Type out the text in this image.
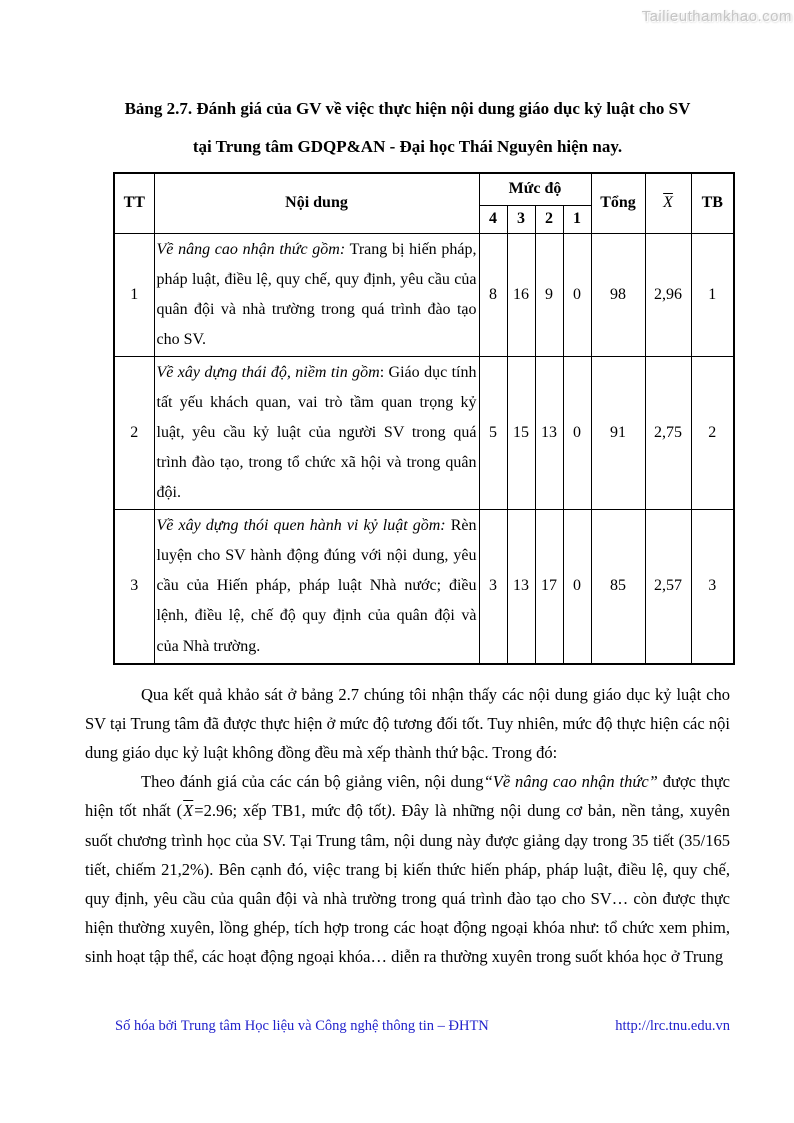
Tailieuthamkhao.com
Bảng 2.7. Đánh giá của GV về việc thực hiện nội dung giáo dục kỷ luật cho SV
tại Trung tâm GDQP&AN - Đại học Thái Nguyên hiện nay.
TT	Nội dung	Mức độ				Tổng	$\overline{X}$	TB
		4	3	2	1			
1	Về nâng cao nhận thức gồm: Trang bị hiến pháp, pháp luật, điều lệ, quy chế, quy định, yêu cầu của quân đội và nhà trường trong quá trình đào tạo cho SV.	8	16	9	0	98	2,96	1
2	Về xây dựng thái độ, niềm tin gồm: Giáo dục tính tất yếu khách quan, vai trò tầm quan trọng kỷ luật, yêu cầu kỷ luật của người SV trong quá trình đào tạo, trong tổ chức xã hội và trong quân đội.	5	15	13	0	91	2,75	2
3	Về xây dựng thói quen hành vi kỷ luật gồm: Rèn luyện cho SV hành động đúng với nội dung, yêu cầu của Hiến pháp, pháp luật Nhà nước; điều lệnh, điều lệ, chế độ quy định của quân đội và của Nhà trường.	3	13	17	0	85	2,57	3

Qua kết quả khảo sát ở bảng 2.7 chúng tôi nhận thấy các nội dung giáo dục kỷ luật cho SV tại Trung tâm đã được thực hiện ở mức độ tương đối tốt. Tuy nhiên, mức độ thực hiện các nội dung giáo dục kỷ luật không đồng đều mà xếp thành thứ bậc. Trong đó:

Theo đánh giá của các cán bộ giảng viên, nội dung“Về nâng cao nhận thức” được thực hiện tốt nhất ($\overline{X}=2.96$; xếp TB1, mức độ tốt). Đây là những nội dung cơ bản, nền tảng, xuyên suốt chương trình học của SV. Tại Trung tâm, nội dung này được giảng dạy trong 35 tiết (35/165 tiết, chiếm 21,2%). Bên cạnh đó, việc trang bị kiến thức hiến pháp, pháp luật, điều lệ, quy chế, quy định, yêu cầu của quân đội và nhà trường trong quá trình đào tạo cho SV… còn được thực hiện thường xuyên, lồng ghép, tích hợp trong các hoạt động ngoại khóa như: tổ chức xem phim, sinh hoạt tập thể, các hoạt động ngoại khóa… diễn ra thường xuyên trong suốt khóa học ở Trung

Số hóa bởi Trung tâm Học liệu và Công nghệ thông tin – ĐHTN	http://lrc.tnu.edu.vn
